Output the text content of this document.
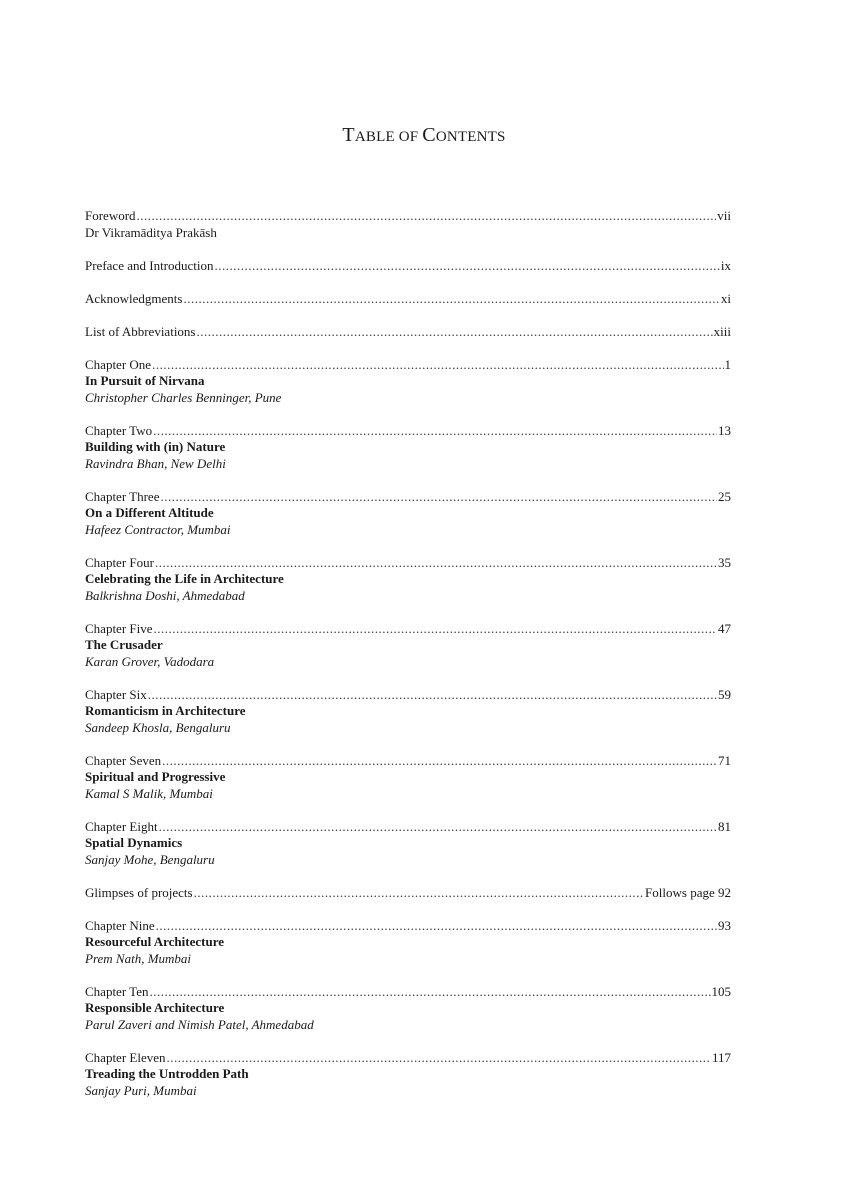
TABLE OF CONTENTS
Foreword .....	vii
Dr Vikramāditya Prakāsh
Preface and Introduction .....	ix
Acknowledgments .....	xi
List of Abbreviations .....	xiii
Chapter One .....	1
In Pursuit of Nirvana
Christopher Charles Benninger, Pune
Chapter Two .....	13
Building with (in) Nature
Ravindra Bhan, New Delhi
Chapter Three .....	25
On a Different Altitude
Hafeez Contractor, Mumbai
Chapter Four .....	35
Celebrating the Life in Architecture
Balkrishna Doshi, Ahmedabad
Chapter Five .....	47
The Crusader
Karan Grover, Vadodara
Chapter Six .....	59
Romanticism in Architecture
Sandeep Khosla, Bengaluru
Chapter Seven .....	71
Spiritual and Progressive
Kamal S Malik, Mumbai
Chapter Eight .....	81
Spatial Dynamics
Sanjay Mohe, Bengaluru
Glimpses of projects .....	Follows page 92
Chapter Nine .....	93
Resourceful Architecture
Prem Nath, Mumbai
Chapter Ten .....	105
Responsible Architecture
Parul Zaveri and Nimish Patel, Ahmedabad
Chapter Eleven .....	117
Treading the Untrodden Path
Sanjay Puri, Mumbai
